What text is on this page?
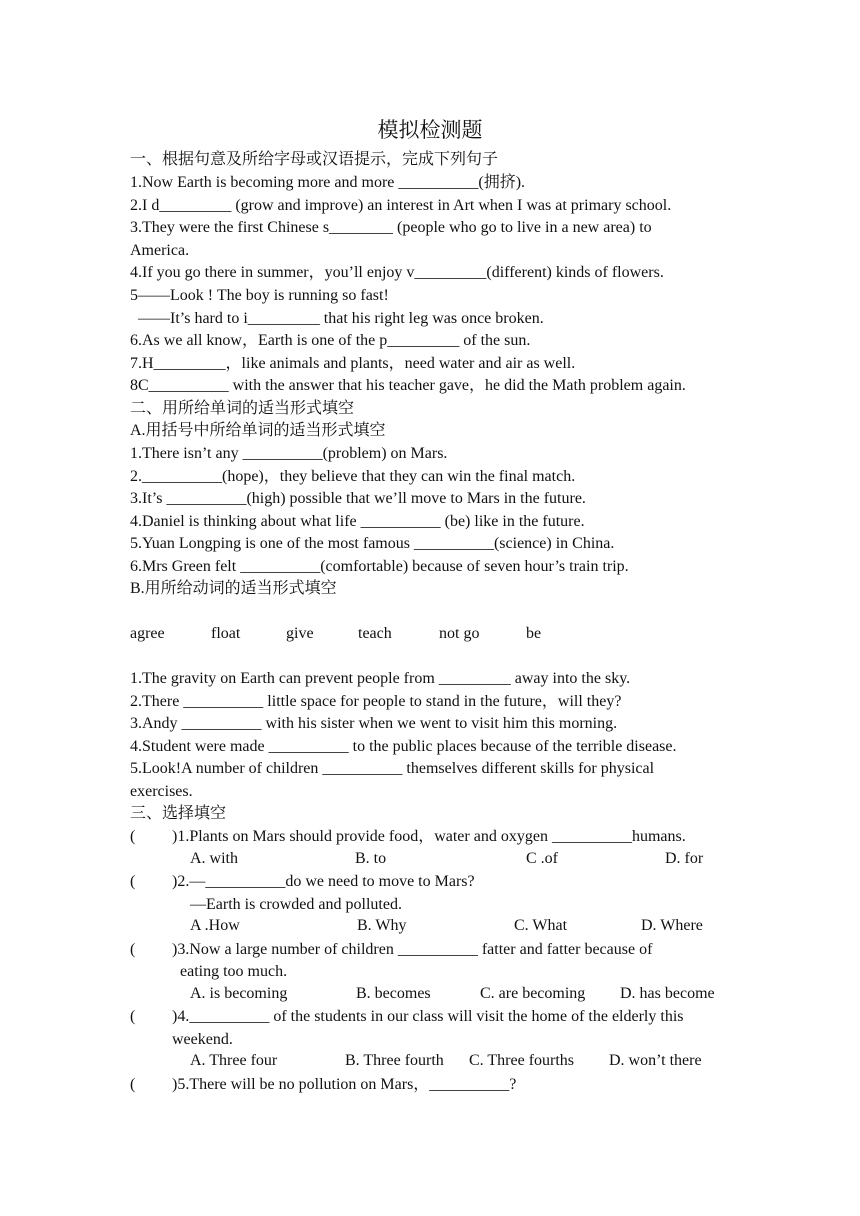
模拟检测题
一、根据句意及所给字母或汉语提示，完成下列句子
1.Now Earth is becoming more and more __________(拥挤).
2.I d_________ (grow and improve) an interest in Art when I was at primary school.
3.They were the first Chinese s________ (people who go to live in a new area) to
America.
4.If you go there in summer，you’ll enjoy v_________(different) kinds of flowers.
5——Look ! The boy is running so fast!
——It’s hard to i_________ that his right leg was once broken.
6.As we all know，Earth is one of the p_________ of the sun.
7.H_________，like animals and plants，need water and air as well.
8C__________ with the answer that his teacher gave，he did the Math problem again.
二、用所给单词的适当形式填空
A.用括号中所给单词的适当形式填空
1.There isn’t any __________(problem) on Mars.
2.__________(hope)，they believe that they can win the final match.
3.It’s __________(high) possible that we’ll move to Mars in the future.
4.Daniel is thinking about what life __________ (be) like in the future.
5.Yuan Longping is one of the most famous __________(science) in China.
6.Mrs Green felt __________(comfortable) because of seven hour’s train trip.
B.用所给动词的适当形式填空
agree	float	give	teach	not go	be
1.The gravity on Earth can prevent people from _________ away into the sky.
2.There __________ little space for people to stand in the future，will they?
3.Andy __________ with his sister when we went to visit him this morning.
4.Student were made __________ to the public places because of the terrible disease.
5.Look!A number of children __________ themselves different skills for physical
exercises.
三、选择填空
( )1.Plants on Mars should provide food，water and oxygen __________humans.
A. with	B. to	C .of	D. for
( )2.—__________do we need to move to Mars?
—Earth is crowded and polluted.
A .How	B. Why	C. What	D. Where
( )3.Now a large number of children __________ fatter and fatter because of
eating too much.
A. is becoming	B. becomes	C. are becoming D. has become
( )4.__________ of the students in our class will visit the home of the elderly this
weekend.
A. Three four	B. Three fourth C. Three fourths D. won’t there
( )5.There will be no pollution on Mars，__________?
